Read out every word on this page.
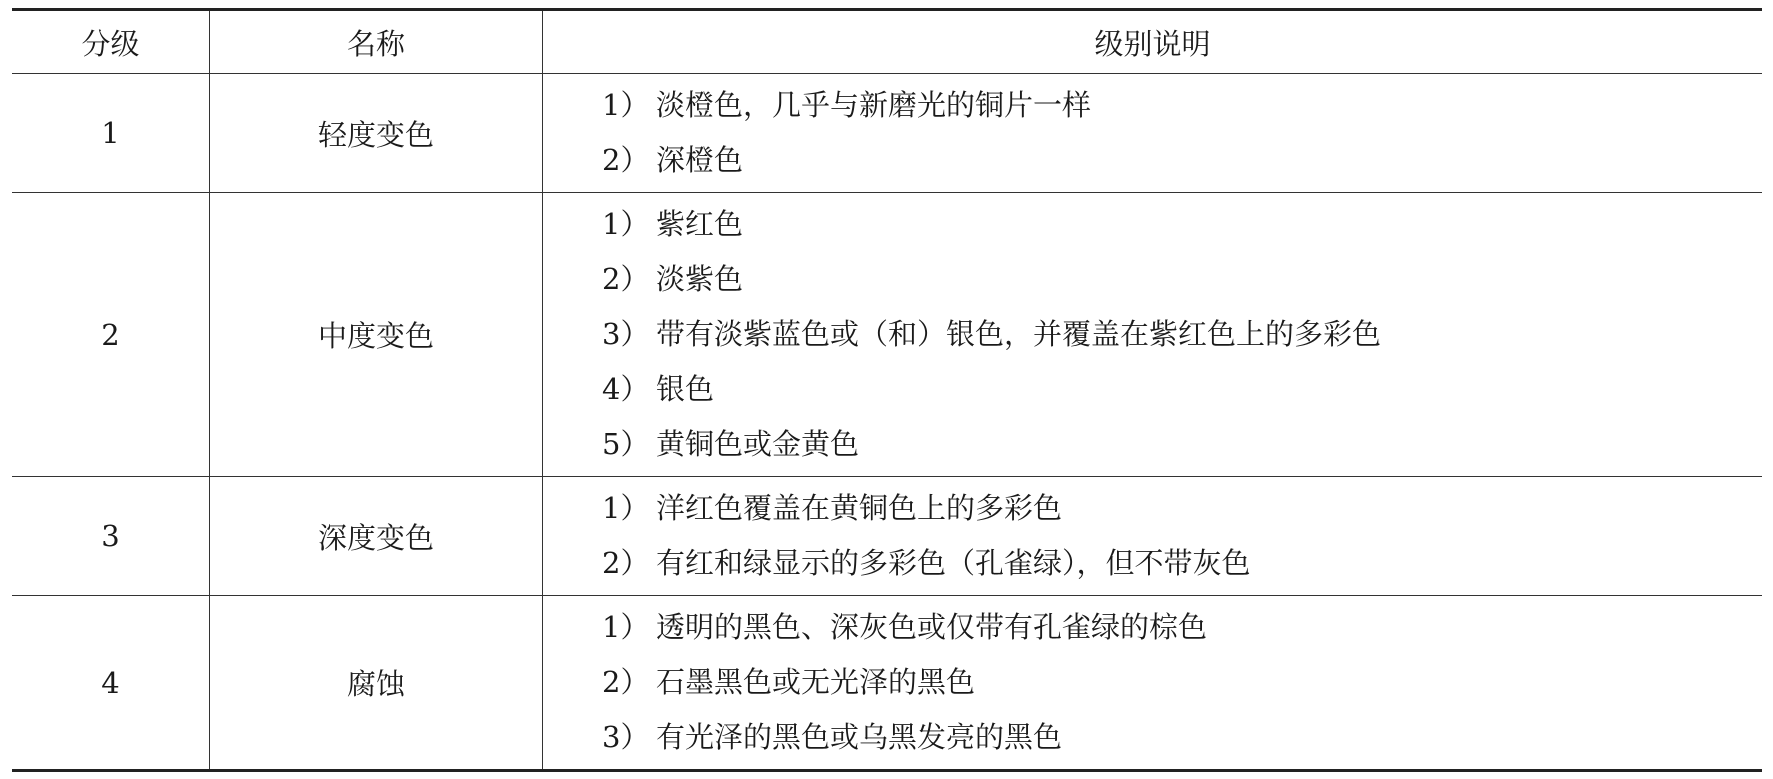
分级	名称	级别说明
1	轻度变色	1） 淡橙色，几乎与新磨光的铜片一样
2） 深橙色

2	中度变色	1） 紫红色
2） 淡紫色
3） 带有淡紫蓝色或（和）银色，并覆盖在紫红色上的多彩色
4） 银色
5） 黄铜色或金黄色

3	深度变色	1） 洋红色覆盖在黄铜色上的多彩色
2） 有红和绿显示的多彩色（孔雀绿），但不带灰色

4	腐蚀	1） 透明的黑色、深灰色或仅带有孔雀绿的棕色
2） 石墨黑色或无光泽的黑色
3） 有光泽的黑色或乌黑发亮的黑色
